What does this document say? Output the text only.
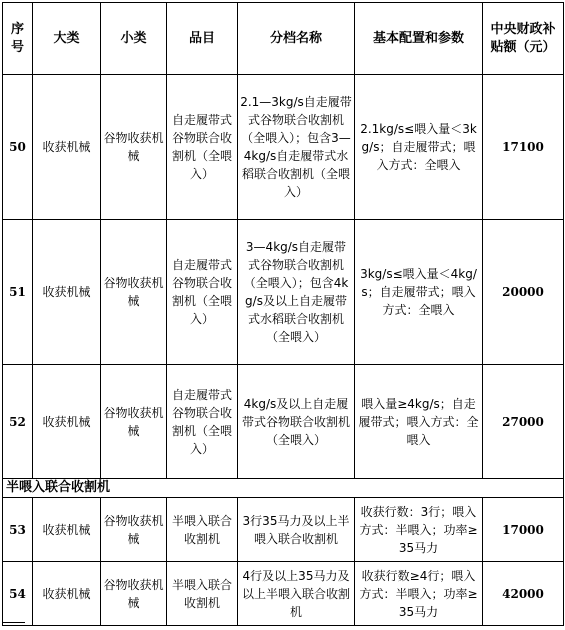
序号	大类	小类	品目	分档名称	基本配置和参数	中央财政补贴额（元）
50	收获机械	谷物收获机械	自走履带式谷物联合收割机（全喂入）	2.1—3kg/s自走履带式谷物联合收割机（全喂入）；包含3—4kg/s自走履带式水稻联合收割机（全喂入）	2.1kg/s≤喂入量＜3kg/s；自走履带式；喂入方式：全喂入	17100
51	收获机械	谷物收获机械	自走履带式谷物联合收割机（全喂入）	3—4kg/s自走履带式谷物联合收割机（全喂入）；包含4kg/s及以上自走履带式水稻联合收割机（全喂入）	3kg/s≤喂入量＜4kg/s；自走履带式；喂入方式：全喂入	20000
52	收获机械	谷物收获机械	自走履带式谷物联合收割机（全喂入）	4kg/s及以上自走履带式谷物联合收割机（全喂入）	喂入量≥4kg/s；自走履带式；喂入方式：全喂入	27000
半喂入联合收割机						
53	收获机械	谷物收获机械	半喂入联合收割机	3行35马力及以上半喂入联合收割机	收获行数：3行；喂入方式：半喂入；功率≥35马力	17000
54	收获机械	谷物收获机械	半喂入联合收割机	4行及以上35马力及以上半喂入联合收割机	收获行数≥4行；喂入方式：半喂入；功率≥35马力	42000
